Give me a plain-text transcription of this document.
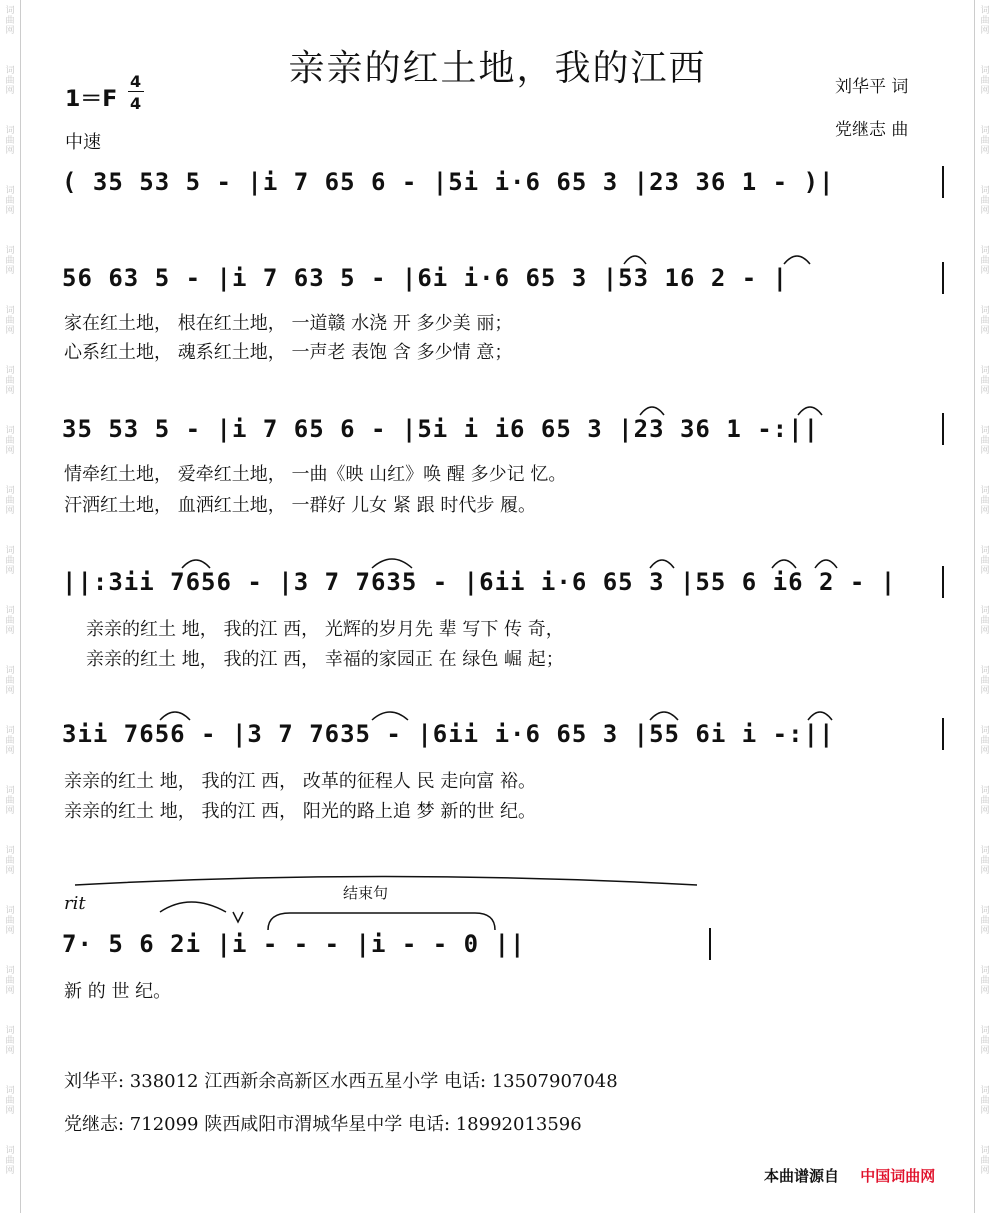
词
曲
网
词
曲
网
词
曲
网
词
曲
网
词
曲
网
词
曲
网
词
曲
网
词
曲
网
词
曲
网
词
曲
网
词
曲
网
词
曲
网
词
曲
网
词
曲
网
词
曲
网
词
曲
网
词
曲
网
词
曲
网
词
曲
网
词
曲
网
词
曲
网
词
曲
网
词
曲
网
词
曲
网
词
曲
网
词
曲
网
词
曲
网
词
曲
网
词
曲
网
词
曲
网
词
曲
网
词
曲
网
词
曲
网
词
曲
网
词
曲
网
词
曲
网
词
曲
网
词
曲
网
词
曲
网
词
曲
网
亲亲的红土地，我的江西
1＝F
4
4
中速
刘华平 词
党继志 曲
( 35 53 5 - |i 7 65 6 - |5i i·6 65 3 |23 36 1 - )|
56 63 5 - |i 7 63 5 - |6i i·6 65 3 |53 16 2 - |
家在红土地， 根在红土地， 一道赣 水浇 开 多少美 丽；
心系红土地， 魂系红土地， 一声老 表饱 含 多少情 意；
35 53 5 - |i 7 65 6 - |5i i i6 65 3 |23 36 1 -:||
情牵红土地， 爱牵红土地， 一曲《映 山红》唤 醒 多少记 忆。
汗洒红土地， 血洒红土地， 一群好 儿女 紧 跟 时代步 履。
||:3ii 7656 - |3 7 7635 - |6ii i·6 65 3 |55 6 i6 2 - |
亲亲的红土 地， 我的江 西， 光辉的岁月先 辈 写下 传 奇，
亲亲的红土 地， 我的江 西， 幸福的家园正 在 绿色 崛 起；
3ii 7656 - |3 7 7635 - |6ii i·6 65 3 |55 6i i -:||
亲亲的红土 地， 我的江 西， 改革的征程人 民 走向富 裕。
亲亲的红土 地， 我的江 西， 阳光的路上追 梦 新的世 纪。
rit	结束句
7· 5 6 2i |i - - - |i - - 0 ||
新 的 世 纪。
刘华平: 338012 江西新余高新区水西五星小学 电话: 13507907048
党继志: 712099 陕西咸阳市渭城华星中学 电话: 18992013596
本曲谱源自 中国词曲网
